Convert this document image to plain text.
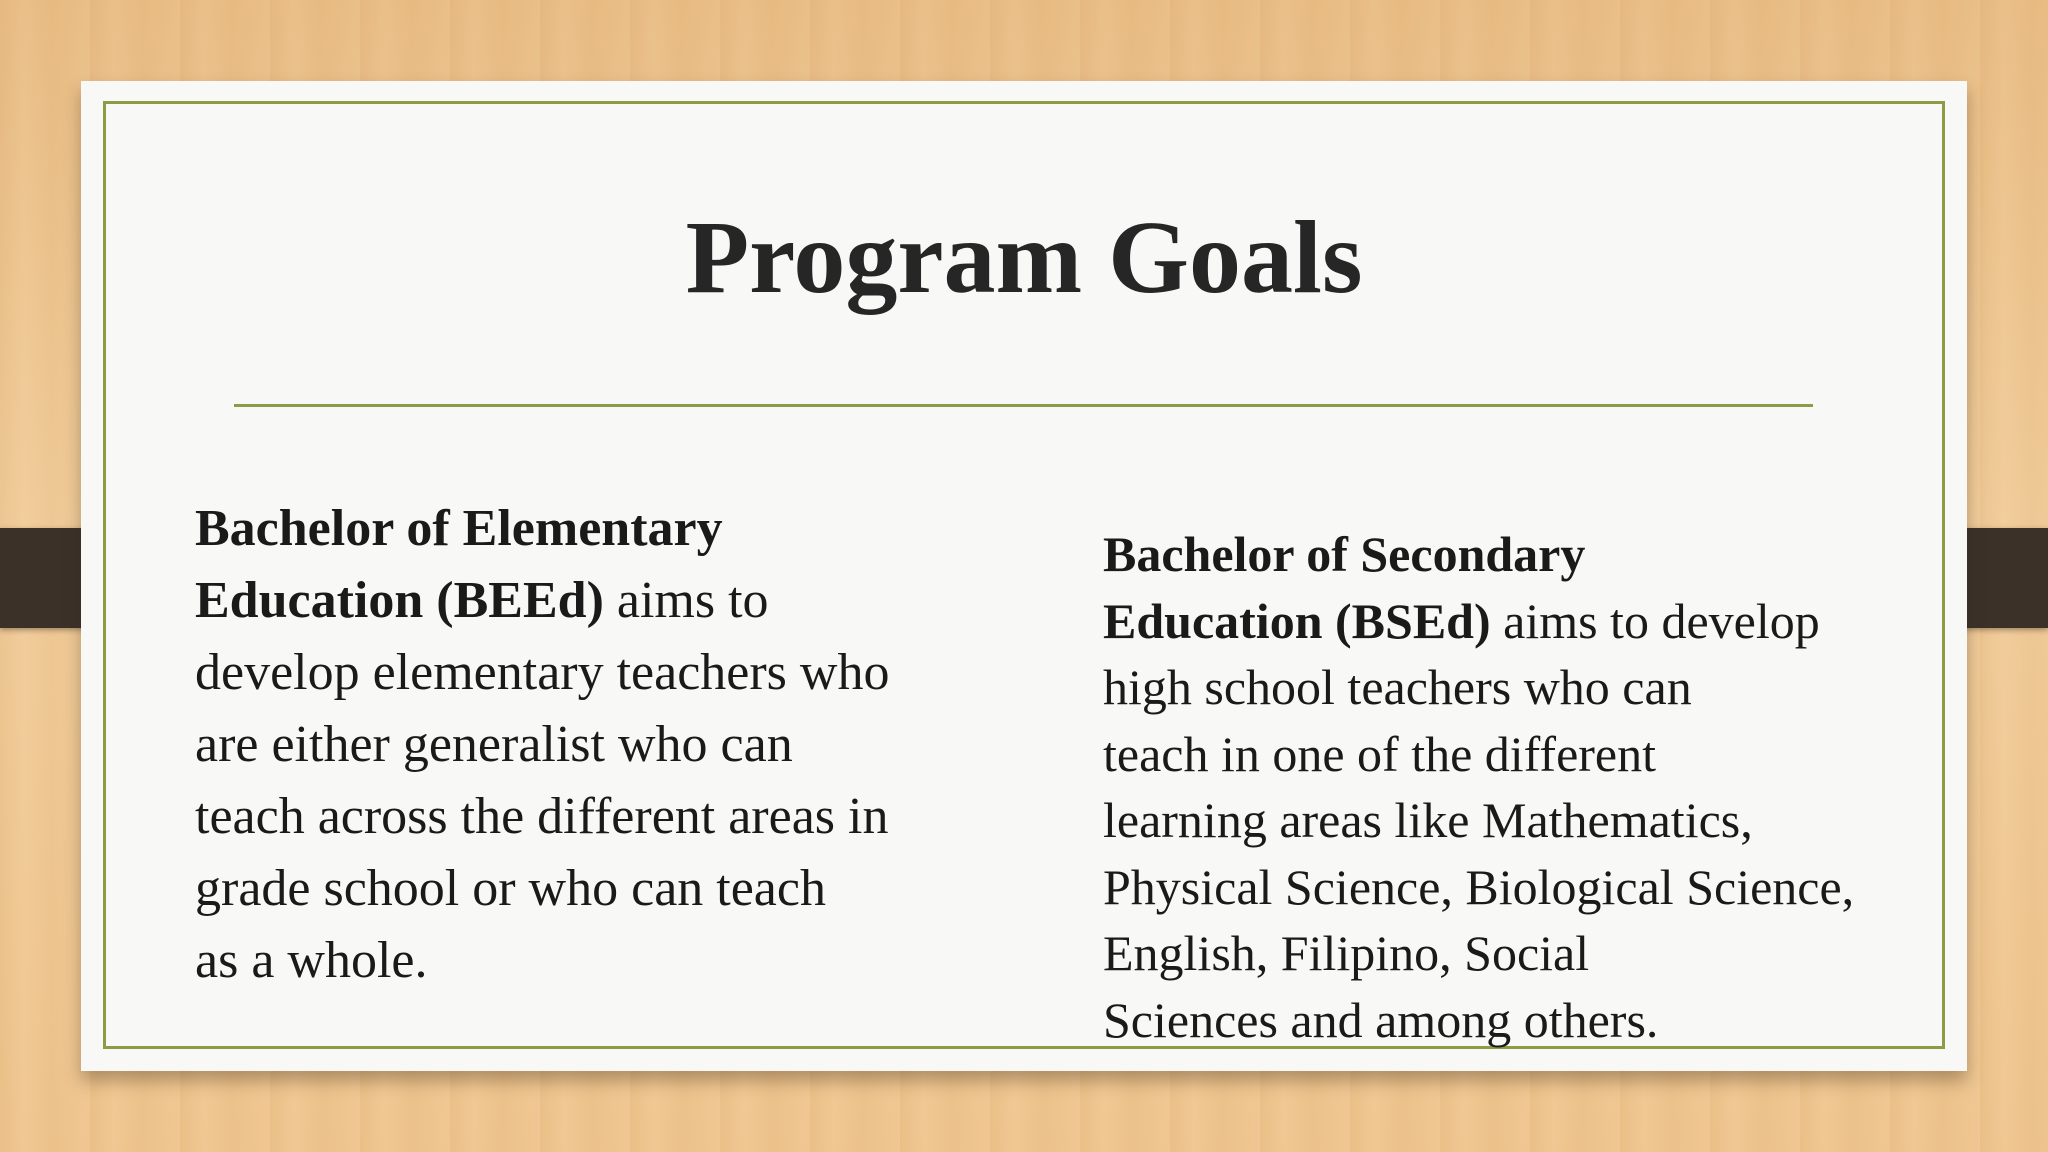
Program Goals
Bachelor of Elementary
Education (BEEd) aims to
develop elementary teachers who
are either generalist who can
teach across the different areas in
grade school or who can teach
as a whole.
Bachelor of Secondary
Education (BSEd) aims to develop
high school teachers who can
teach in one of the different
learning areas like Mathematics,
Physical Science, Biological Science,
English, Filipino, Social
Sciences and among others.
